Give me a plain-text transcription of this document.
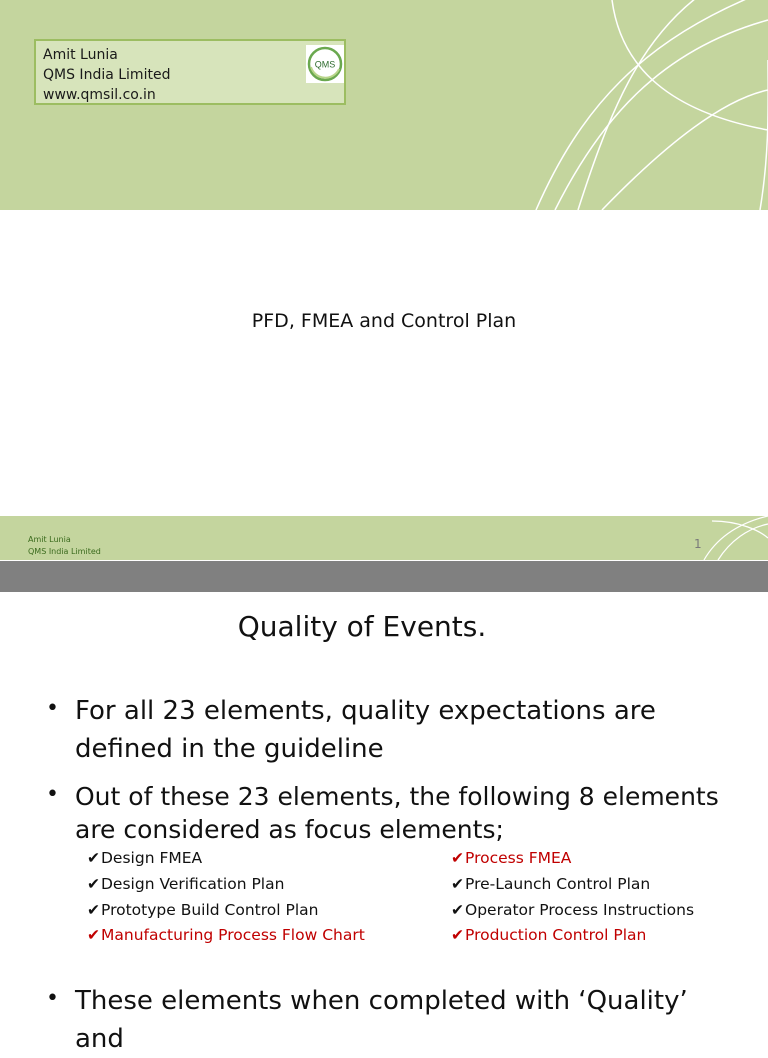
Amit Lunia
QMS India Limited
www.qmsil.co.in
QMS
PFD, FMEA and Control Plan
Amit Lunia
QMS India Limited
1
Quality of Events.
• For all 23 elements, quality expectations are defined in the guideline
• Out of these 23 elements, the following 8 elements are considered as focus elements;
✔Design FMEA	✔Process FMEA
✔Design Verification Plan	✔Pre-Launch Control Plan
✔Prototype Build Control Plan	✔Operator Process Instructions
✔Manufacturing Process Flow Chart	✔Production Control Plan
• These elements when completed with ‘Quality’ and
